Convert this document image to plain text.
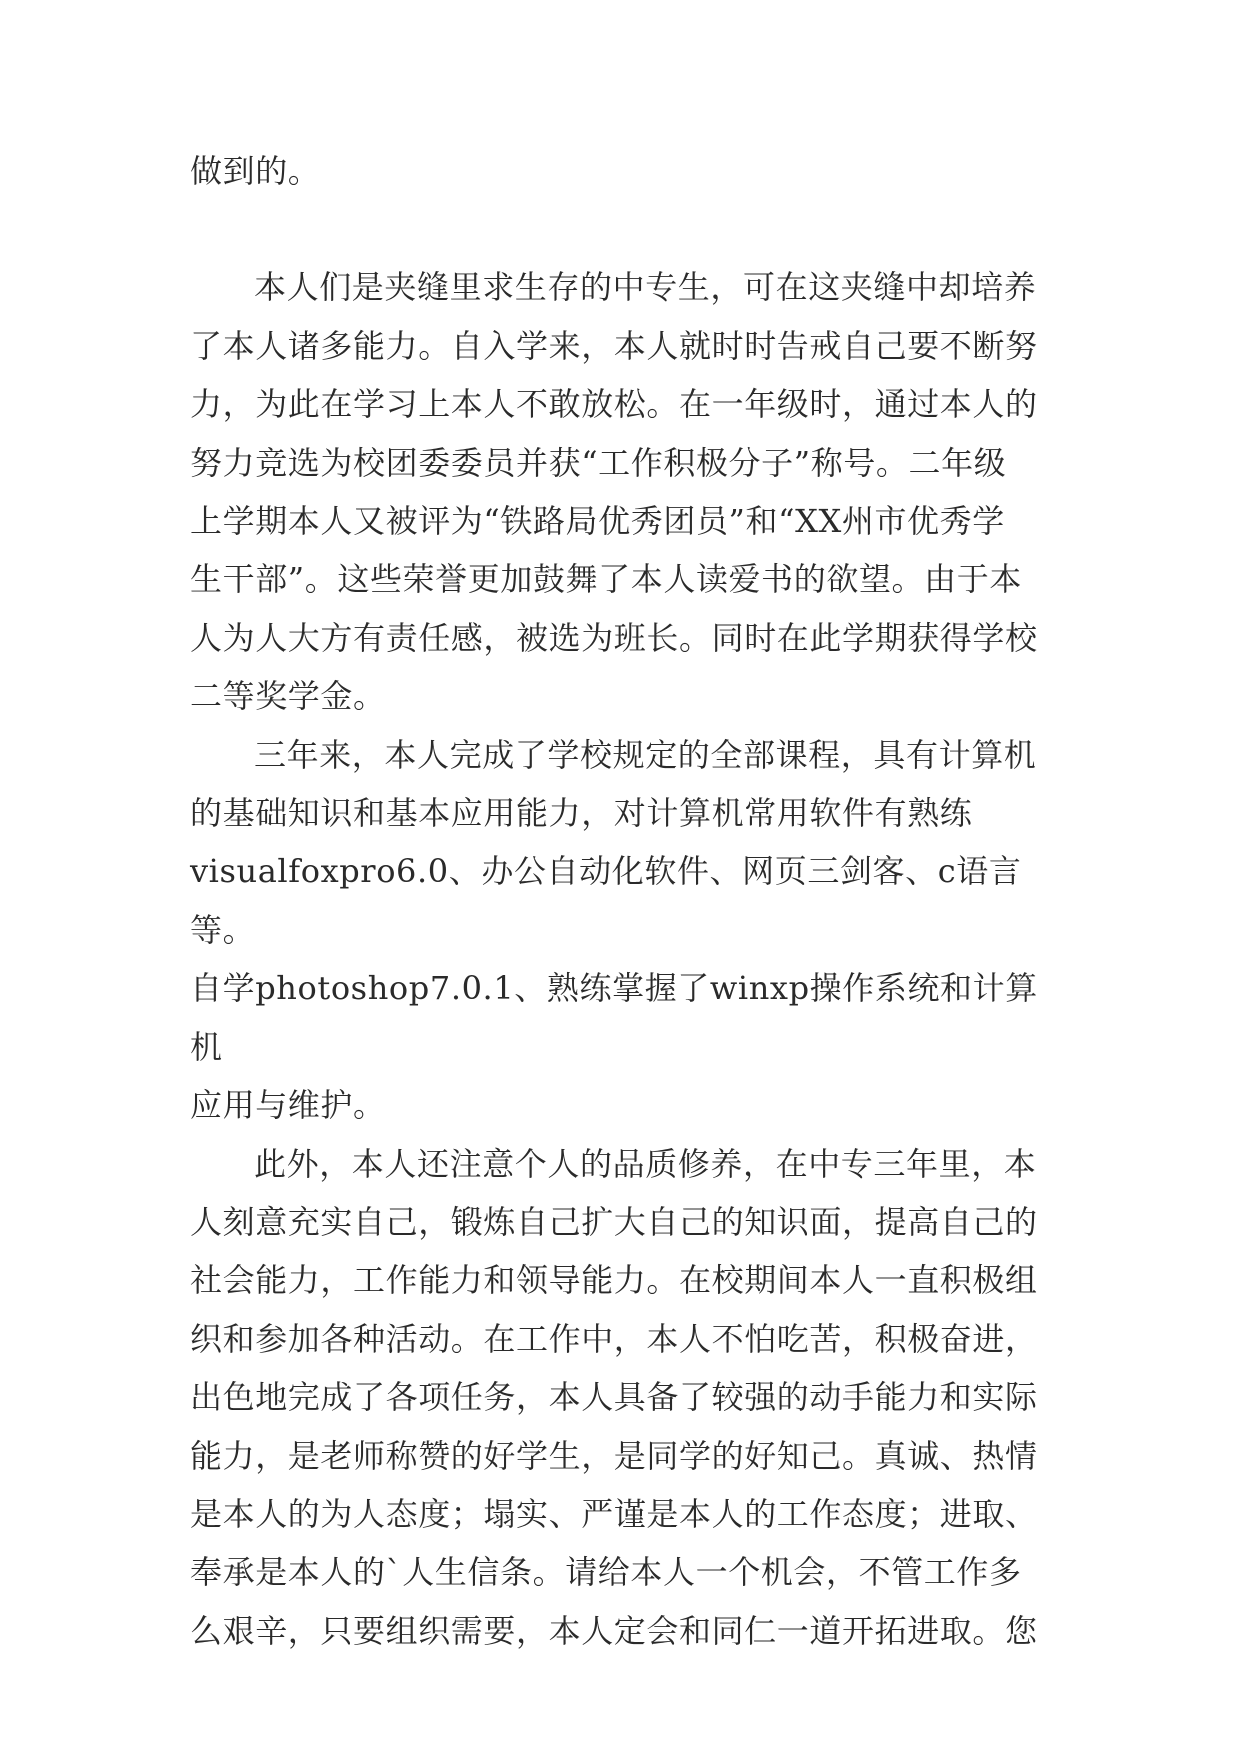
做到的。
本人们是夹缝里求生存的中专生，可在这夹缝中却培养
了本人诸多能力。自入学来，本人就时时告戒自己要不断努
力，为此在学习上本人不敢放松。在一年级时，通过本人的
努力竞选为校团委委员并获“工作积极分子”称号。二年级
上学期本人又被评为“铁路局优秀团员”和“XX州市优秀学
生干部”。这些荣誉更加鼓舞了本人读爱书的欲望。由于本
人为人大方有责任感，被选为班长。同时在此学期获得学校
二等奖学金。
三年来，本人完成了学校规定的全部课程，具有计算机
的基础知识和基本应用能力，对计算机常用软件有熟练
visualfoxpro6.0、办公自动化软件、网页三剑客、c语言等。
自学photoshop7.0.1、熟练掌握了winxp操作系统和计算机
应用与维护。
此外，本人还注意个人的品质修养，在中专三年里，本
人刻意充实自己，锻炼自己扩大自己的知识面，提高自己的
社会能力，工作能力和领导能力。在校期间本人一直积极组
织和参加各种活动。在工作中，本人不怕吃苦，积极奋进，
出色地完成了各项任务，本人具备了较强的动手能力和实际
能力，是老师称赞的好学生，是同学的好知己。真诚、热情
是本人的为人态度；塌实、严谨是本人的工作态度；进取、
奉承是本人的`人生信条。请给本人一个机会，不管工作多
么艰辛，只要组织需要，本人定会和同仁一道开拓进取。您
